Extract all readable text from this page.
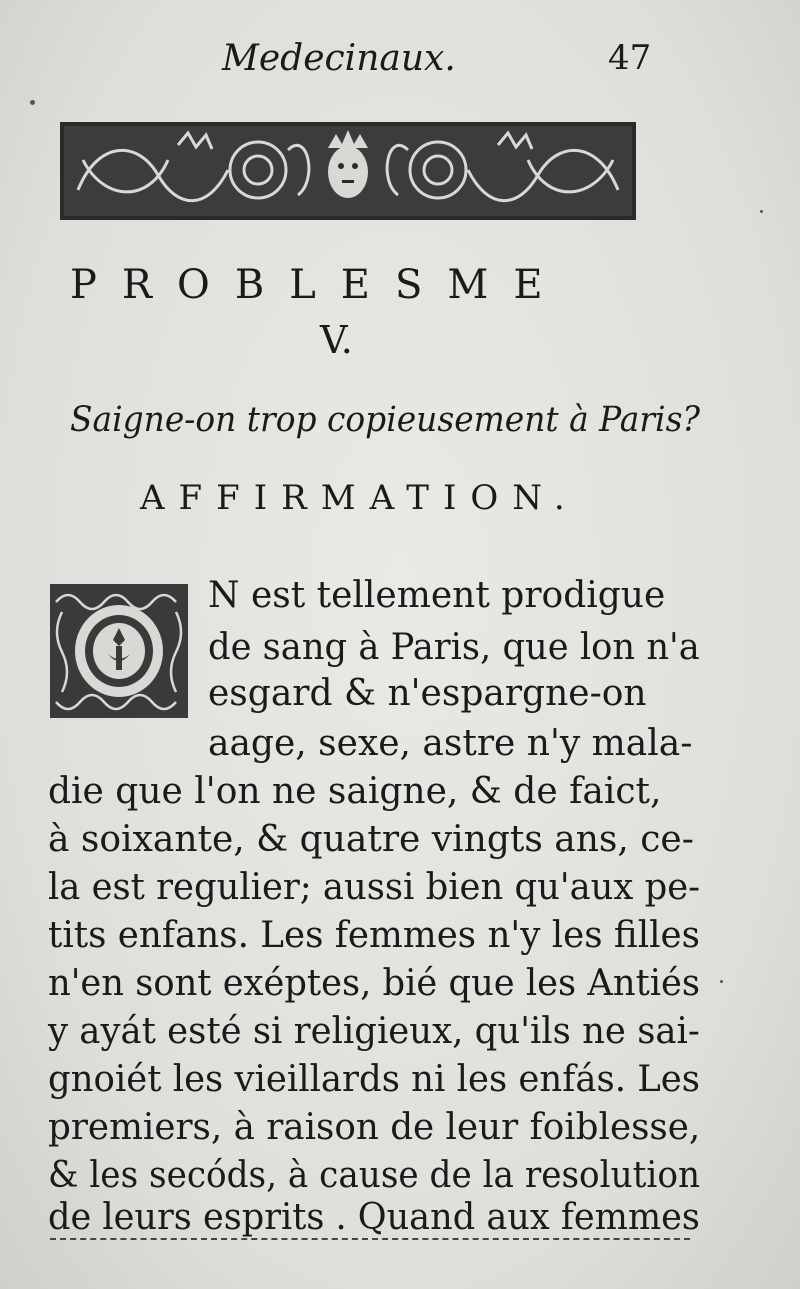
Medecinaux.	47
PROBLESME
V.
Saigne-on trop copieusement à Paris?
AFFIRMATION.
N est tellement prodigue
de sang à Paris, que lon n'a
esgard & n'espargne-on
aage, sexe, astre n'y mala-
die que l'on ne saigne, & de faict,
à soixante, & quatre vingts ans, ce-
la est regulier; aussi bien qu'aux pe-
tits enfans. Les femmes n'y les filles
n'en sont exéptes, bié que les Antiés
y ayát esté si religieux, qu'ils ne sai-
gnoiét les vieillards ni les enfás. Les
premiers, à raison de leur foiblesse,
& les secóds, à cause de la resolution
de leurs esprits . Quand aux femmes
